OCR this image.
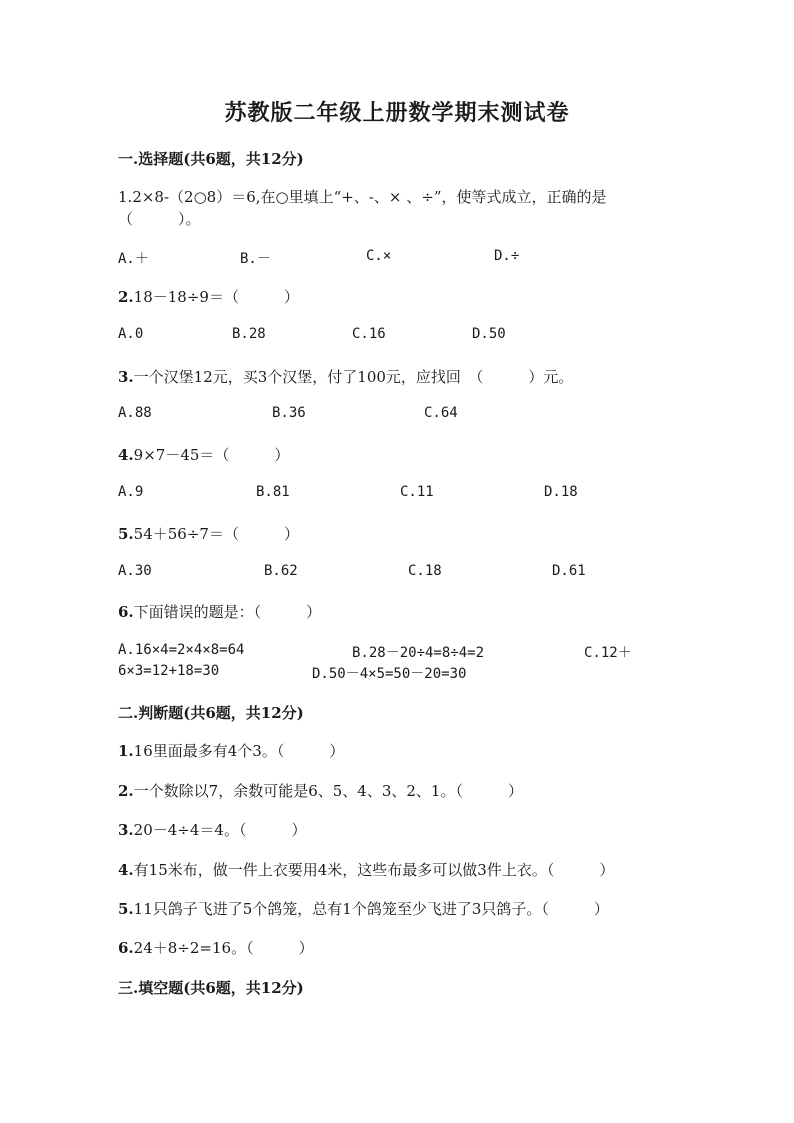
苏教版二年级上册数学期末测试卷
一.选择题(共6题，共12分)
1.2×8-（2○8）＝6,在○里填上“+、-、× 、÷”，使等式成立，正确的是（　　　）。
A.＋	B.－	C.×	D.÷
2.18－18÷9＝（　　　）
A.0	B.28	C.16	D.50
3.一个汉堡12元，买3个汉堡，付了100元，应找回　（　　　）元。
A.88	B.36	C.64
4.9×7－45＝（　　　）
A.9	B.81	C.11	D.18
5.54＋56÷7＝（　　　）
A.30	B.62	C.18	D.61
6.下面错误的题是：（　　　）
A.16×4=2×4×8=64	B.28－20÷4=8÷4=2	C.12＋
6×3=12+18=30	D.50－4×5=50－20=30
二.判断题(共6题，共12分)
1.16里面最多有4个3。（　　　）
2.一个数除以7，余数可能是6、5、4、3、2、1。（　　　）
3.20－4÷4＝4。（　　　）
4.有15米布，做一件上衣要用4米，这些布最多可以做3件上衣。（　　　）
5.11只鸽子飞进了5个鸽笼，总有1个鸽笼至少飞进了3只鸽子。（　　　）
6.24＋8÷2=16。（　　　）
三.填空题(共6题，共12分)
